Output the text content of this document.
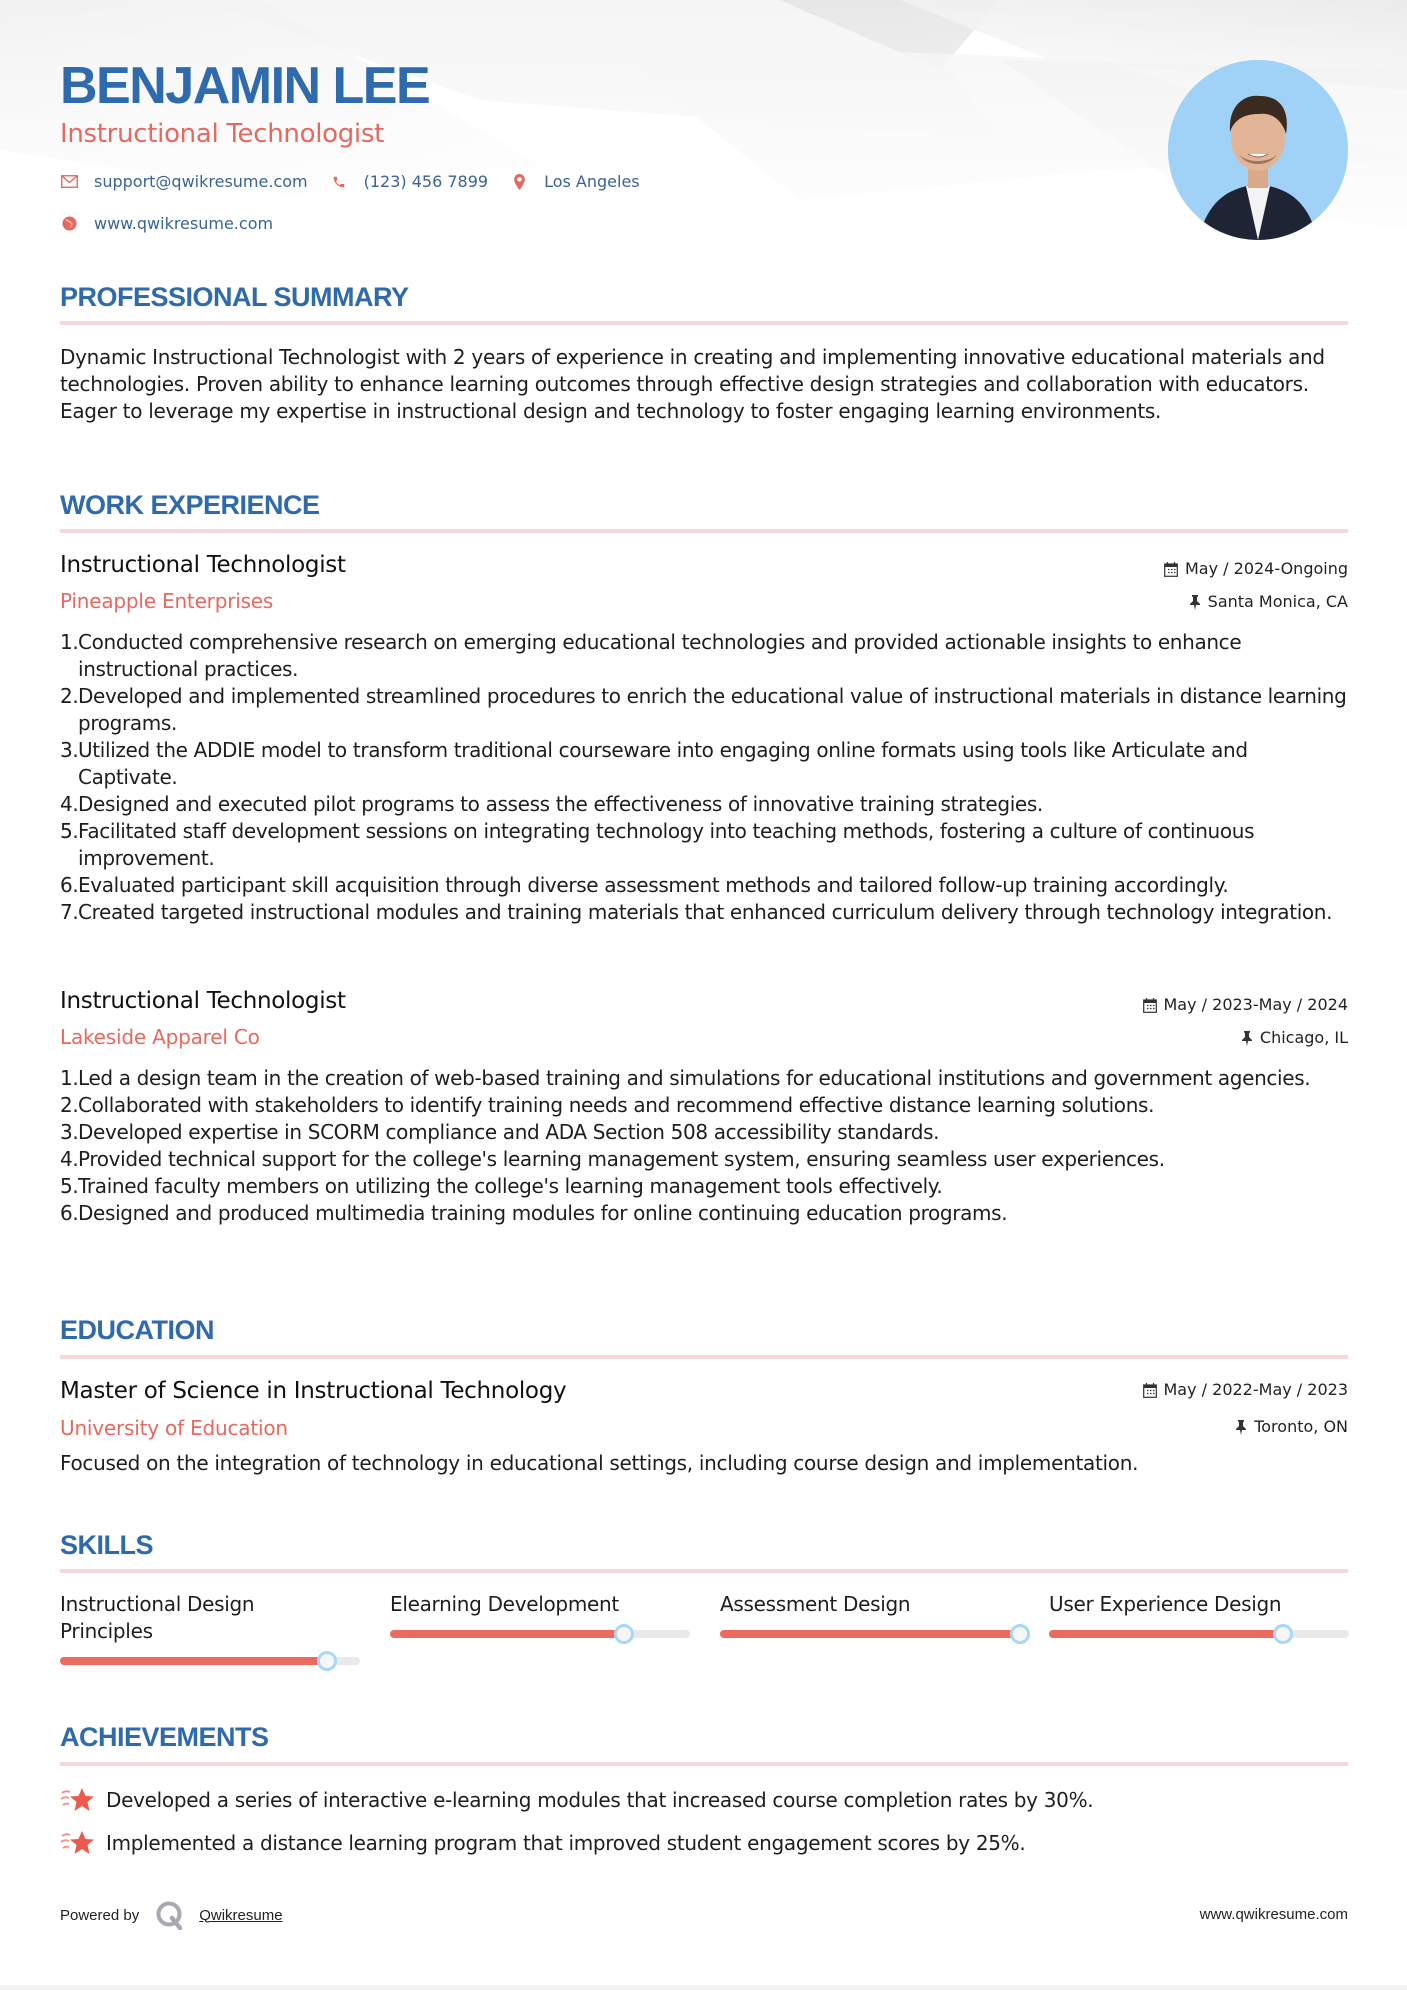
BENJAMIN LEE
Instructional Technologist
support@qwikresume.com	(123) 456 7899	Los Angeles
www.qwikresume.com
PROFESSIONAL SUMMARY
Dynamic Instructional Technologist with 2 years of experience in creating and implementing innovative educational materials and technologies. Proven ability to enhance learning outcomes through effective design strategies and collaboration with educators. Eager to leverage my expertise in instructional design and technology to foster engaging learning environments.
WORK EXPERIENCE
Instructional Technologist	May / 2024-Ongoing
Pineapple Enterprises	Santa Monica, CA
1. Conducted comprehensive research on emerging educational technologies and provided actionable insights to enhance instructional practices.
2. Developed and implemented streamlined procedures to enrich the educational value of instructional materials in distance learning programs.
3. Utilized the ADDIE model to transform traditional courseware into engaging online formats using tools like Articulate and Captivate.
4. Designed and executed pilot programs to assess the effectiveness of innovative training strategies.
5. Facilitated staff development sessions on integrating technology into teaching methods, fostering a culture of continuous improvement.
6. Evaluated participant skill acquisition through diverse assessment methods and tailored follow-up training accordingly.
7. Created targeted instructional modules and training materials that enhanced curriculum delivery through technology integration.
Instructional Technologist	May / 2023-May / 2024
Lakeside Apparel Co	Chicago, IL
1. Led a design team in the creation of web-based training and simulations for educational institutions and government agencies.
2. Collaborated with stakeholders to identify training needs and recommend effective distance learning solutions.
3. Developed expertise in SCORM compliance and ADA Section 508 accessibility standards.
4. Provided technical support for the college's learning management system, ensuring seamless user experiences.
5. Trained faculty members on utilizing the college's learning management tools effectively.
6. Designed and produced multimedia training modules for online continuing education programs.
EDUCATION
Master of Science in Instructional Technology	May / 2022-May / 2023
University of Education	Toronto, ON
Focused on the integration of technology in educational settings, including course design and implementation.
SKILLS
Instructional Design Principles
Elearning Development	Assessment Design	User Experience Design
ACHIEVEMENTS
Developed a series of interactive e-learning modules that increased course completion rates by 30%.
Implemented a distance learning program that improved student engagement scores by 25%.
Powered by	Qwikresume	www.qwikresume.com
